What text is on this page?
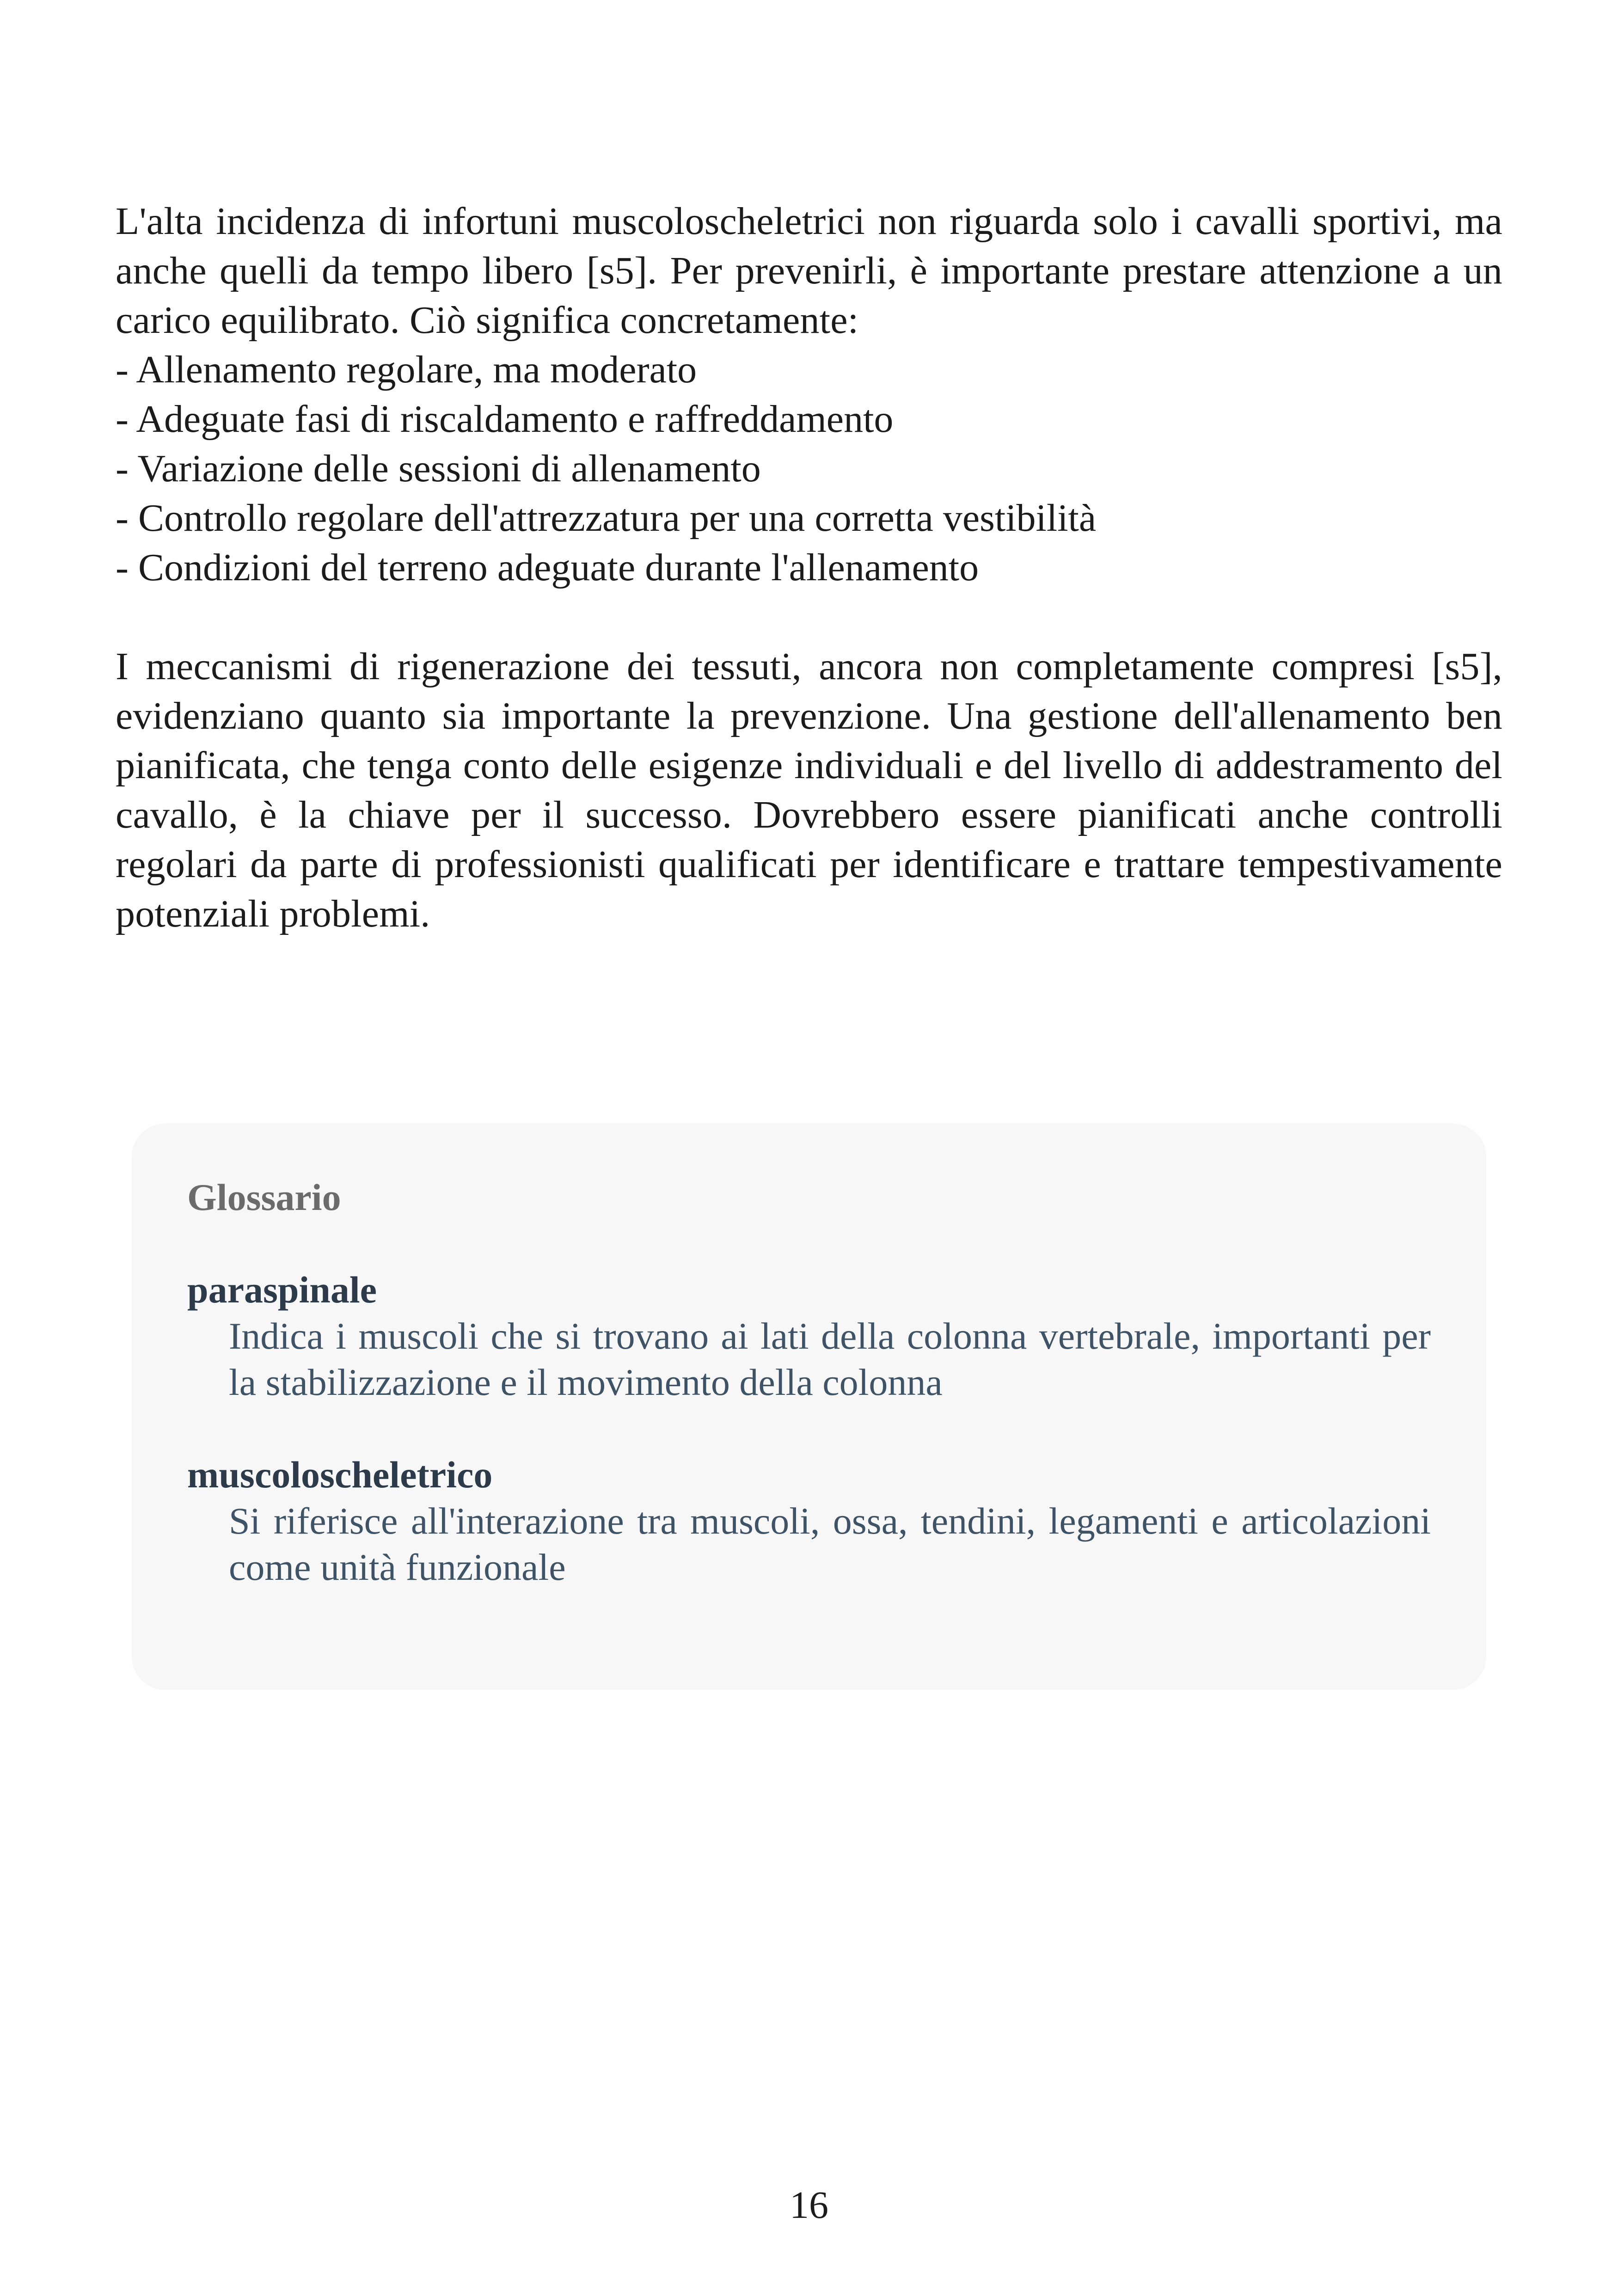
L'alta incidenza di infortuni muscoloscheletrici non riguarda solo i cavalli sportivi, ma anche quelli da tempo libero [s5]. Per prevenirli, è importante prestare attenzione a un carico equilibrato. Ciò significa concretamente:

- Allenamento regolare, ma moderato
- Adeguate fasi di riscaldamento e raffreddamento
- Variazione delle sessioni di allenamento
- Controllo regolare dell'attrezzatura per una corretta vestibilità
- Condizioni del terreno adeguate durante l'allenamento

I meccanismi di rigenerazione dei tessuti, ancora non completamente compresi [s5], evidenziano quanto sia importante la prevenzione. Una gestione dell'allenamento ben pianificata, che tenga conto delle esigenze individuali e del livello di addestramento del cavallo, è la chiave per il successo. Dovrebbero essere pianificati anche controlli regolari da parte di professionisti qualificati per identificare e trattare tempestivamente potenziali problemi.

Glossario

paraspinale

Indica i muscoli che si trovano ai lati della colonna vertebrale, importanti per la stabilizzazione e il movimento della colonna

muscoloscheletrico

Si riferisce all'interazione tra muscoli, ossa, tendini, legamenti e articolazioni come unità funzionale

16
